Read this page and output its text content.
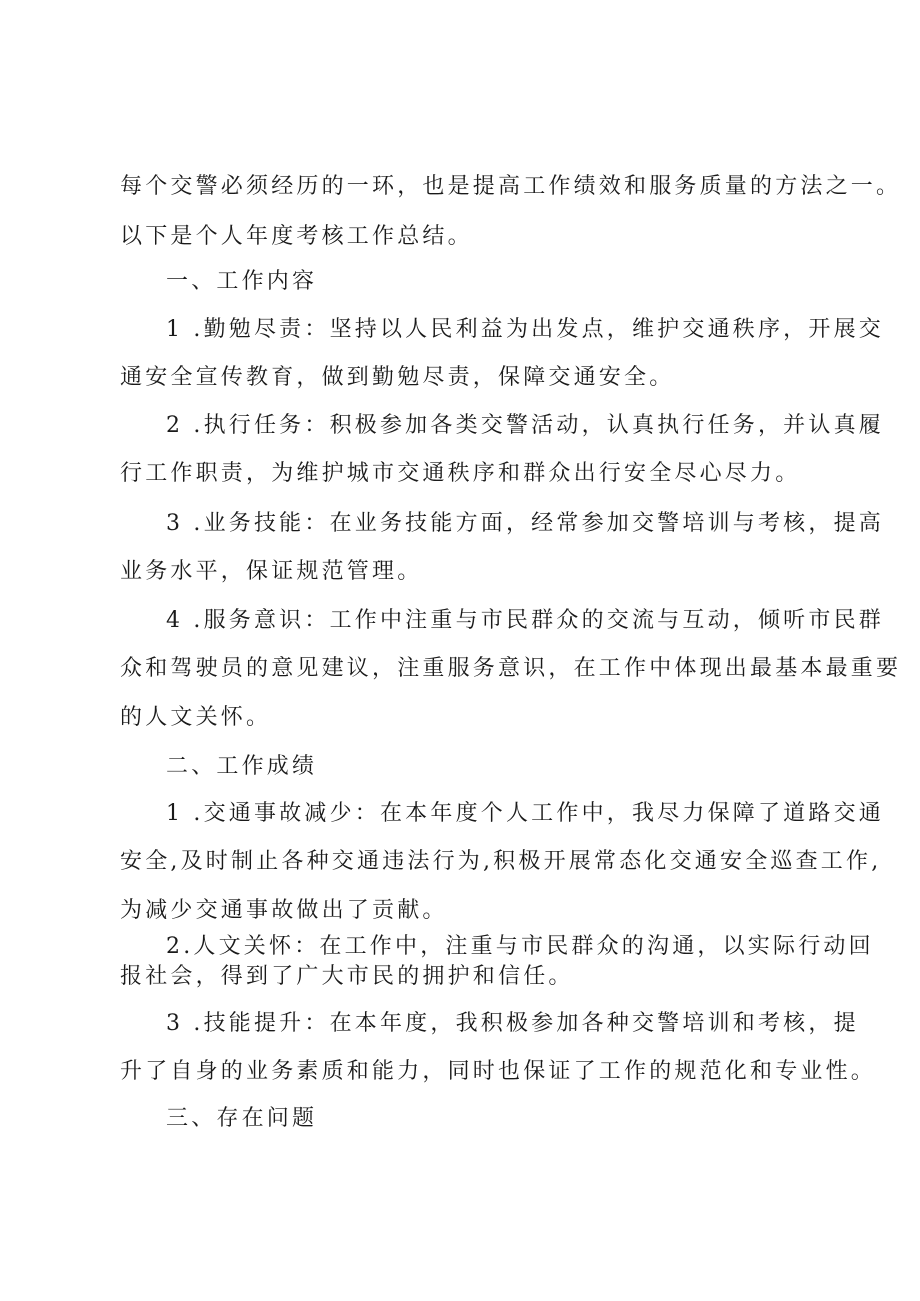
每个交警必须经历的一环，也是提高工作绩效和服务质量的方法之一。
以下是个人年度考核工作总结。
一、工作内容
1 .勤勉尽责：坚持以人民利益为出发点，维护交通秩序，开展交
通安全宣传教育，做到勤勉尽责，保障交通安全。
2 .执行任务：积极参加各类交警活动，认真执行任务，并认真履
行工作职责，为维护城市交通秩序和群众出行安全尽心尽力。
3 .业务技能：在业务技能方面，经常参加交警培训与考核，提高
业务水平，保证规范管理。
4 .服务意识：工作中注重与市民群众的交流与互动，倾听市民群
众和驾驶员的意见建议，注重服务意识，在工作中体现出最基本最重要
的人文关怀。
二、工作成绩
1 .交通事故减少：在本年度个人工作中，我尽力保障了道路交通
安全,及时制止各种交通违法行为,积极开展常态化交通安全巡查工作,
为减少交通事故做出了贡献。
2.人文关怀：在工作中，注重与市民群众的沟通，以实际行动回
报社会，得到了广大市民的拥护和信任。
3 .技能提升：在本年度，我积极参加各种交警培训和考核，提
升了自身的业务素质和能力，同时也保证了工作的规范化和专业性。
三、存在问题
